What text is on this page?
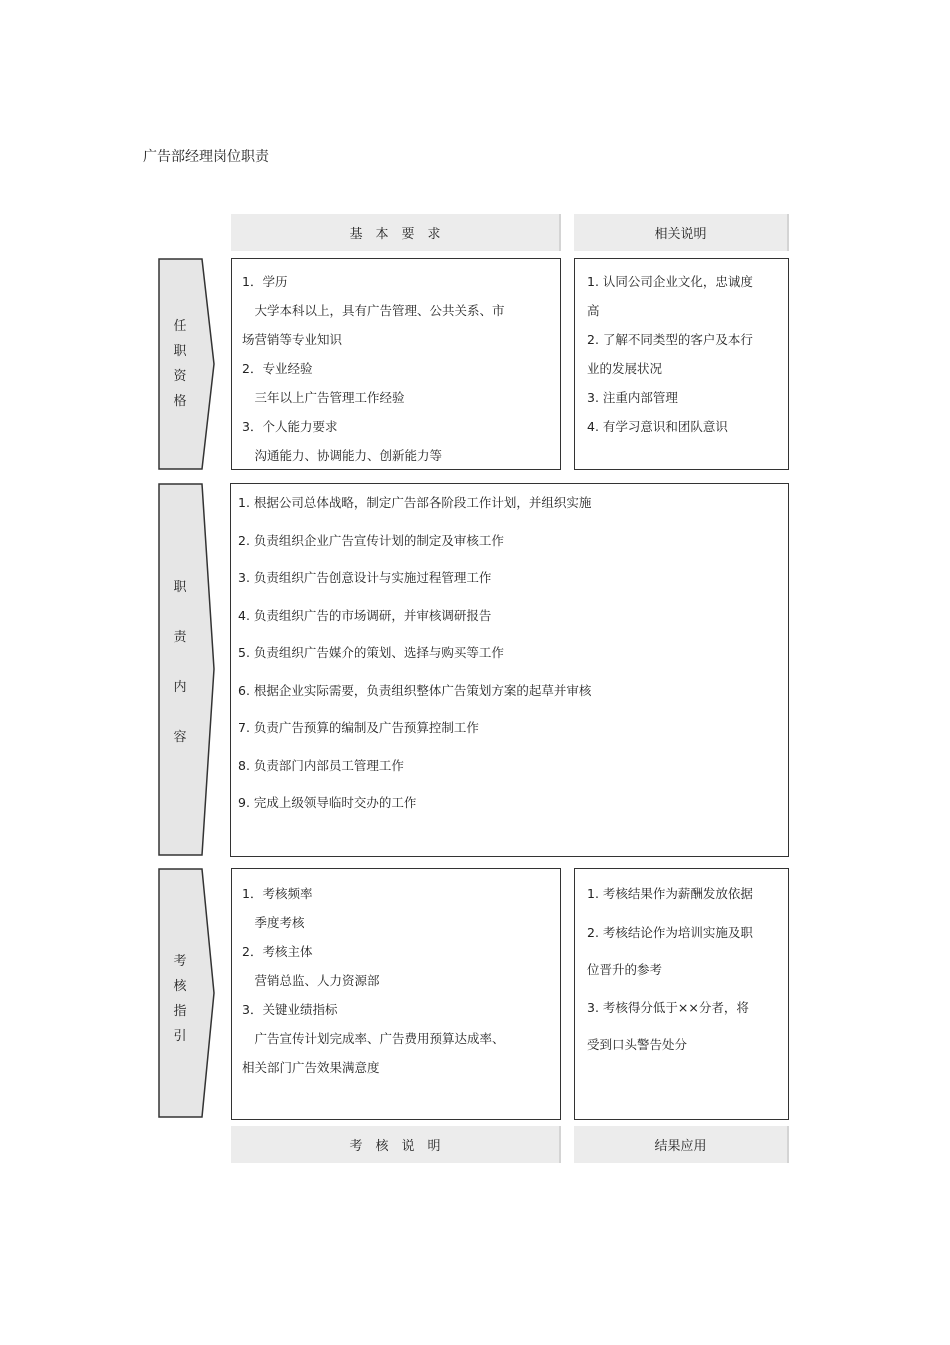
广告部经理岗位职责
基　本　要　求	相关说明
任
职
资
格
1．学历
　大学本科以上，具有广告管理、公共关系、市
场营销等专业知识
2．专业经验
　三年以上广告管理工作经验
3．个人能力要求
　沟通能力、协调能力、创新能力等
1. 认同公司企业文化，忠诚度
高
2. 了解不同类型的客户及本行
业的发展状况
3. 注重内部管理
4. 有学习意识和团队意识
职
责
内
容
1. 根据公司总体战略，制定广告部各阶段工作计划，并组织实施
2. 负责组织企业广告宣传计划的制定及审核工作
3. 负责组织广告创意设计与实施过程管理工作
4. 负责组织广告的市场调研，并审核调研报告
5. 负责组织广告媒介的策划、选择与购买等工作
6. 根据企业实际需要，负责组织整体广告策划方案的起草并审核
7. 负责广告预算的编制及广告预算控制工作
8. 负责部门内部员工管理工作
9. 完成上级领导临时交办的工作
考
核
指
引
1．考核频率
　季度考核
2．考核主体
　营销总监、人力资源部
3．关键业绩指标
　广告宣传计划完成率、广告费用预算达成率、
相关部门广告效果满意度
1. 考核结果作为薪酬发放依据
2. 考核结论作为培训实施及职
位晋升的参考
3. 考核得分低于××分者，将
受到口头警告处分
考　核　说　明	结果应用
